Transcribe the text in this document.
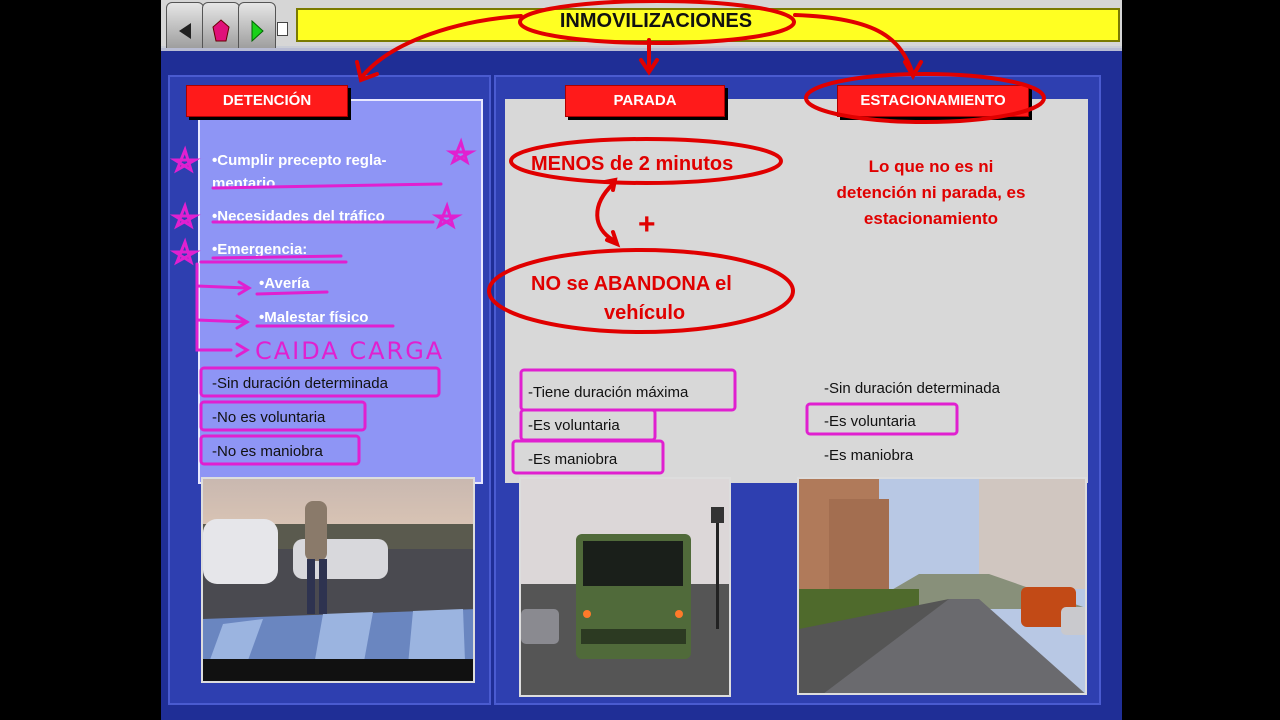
INMOVILIZACIONES
DETENCIÓN	PARADA	ESTACIONAMIENTO
•Cumplir precepto regla-
mentario
•Necesidades del tráfico
•Emergencia:
•Avería
•Malestar físico
CAIDA CARGA
-Sin duración determinada
-No es voluntaria
-No es maniobra
MENOS de 2 minutos
+
NO se ABANDONA el
vehículo
-Tiene duración máxima
-Es voluntaria
-Es maniobra
Lo que no es ni
detención ni parada, es
estacionamiento
-Sin duración determinada
-Es voluntaria
-Es maniobra
